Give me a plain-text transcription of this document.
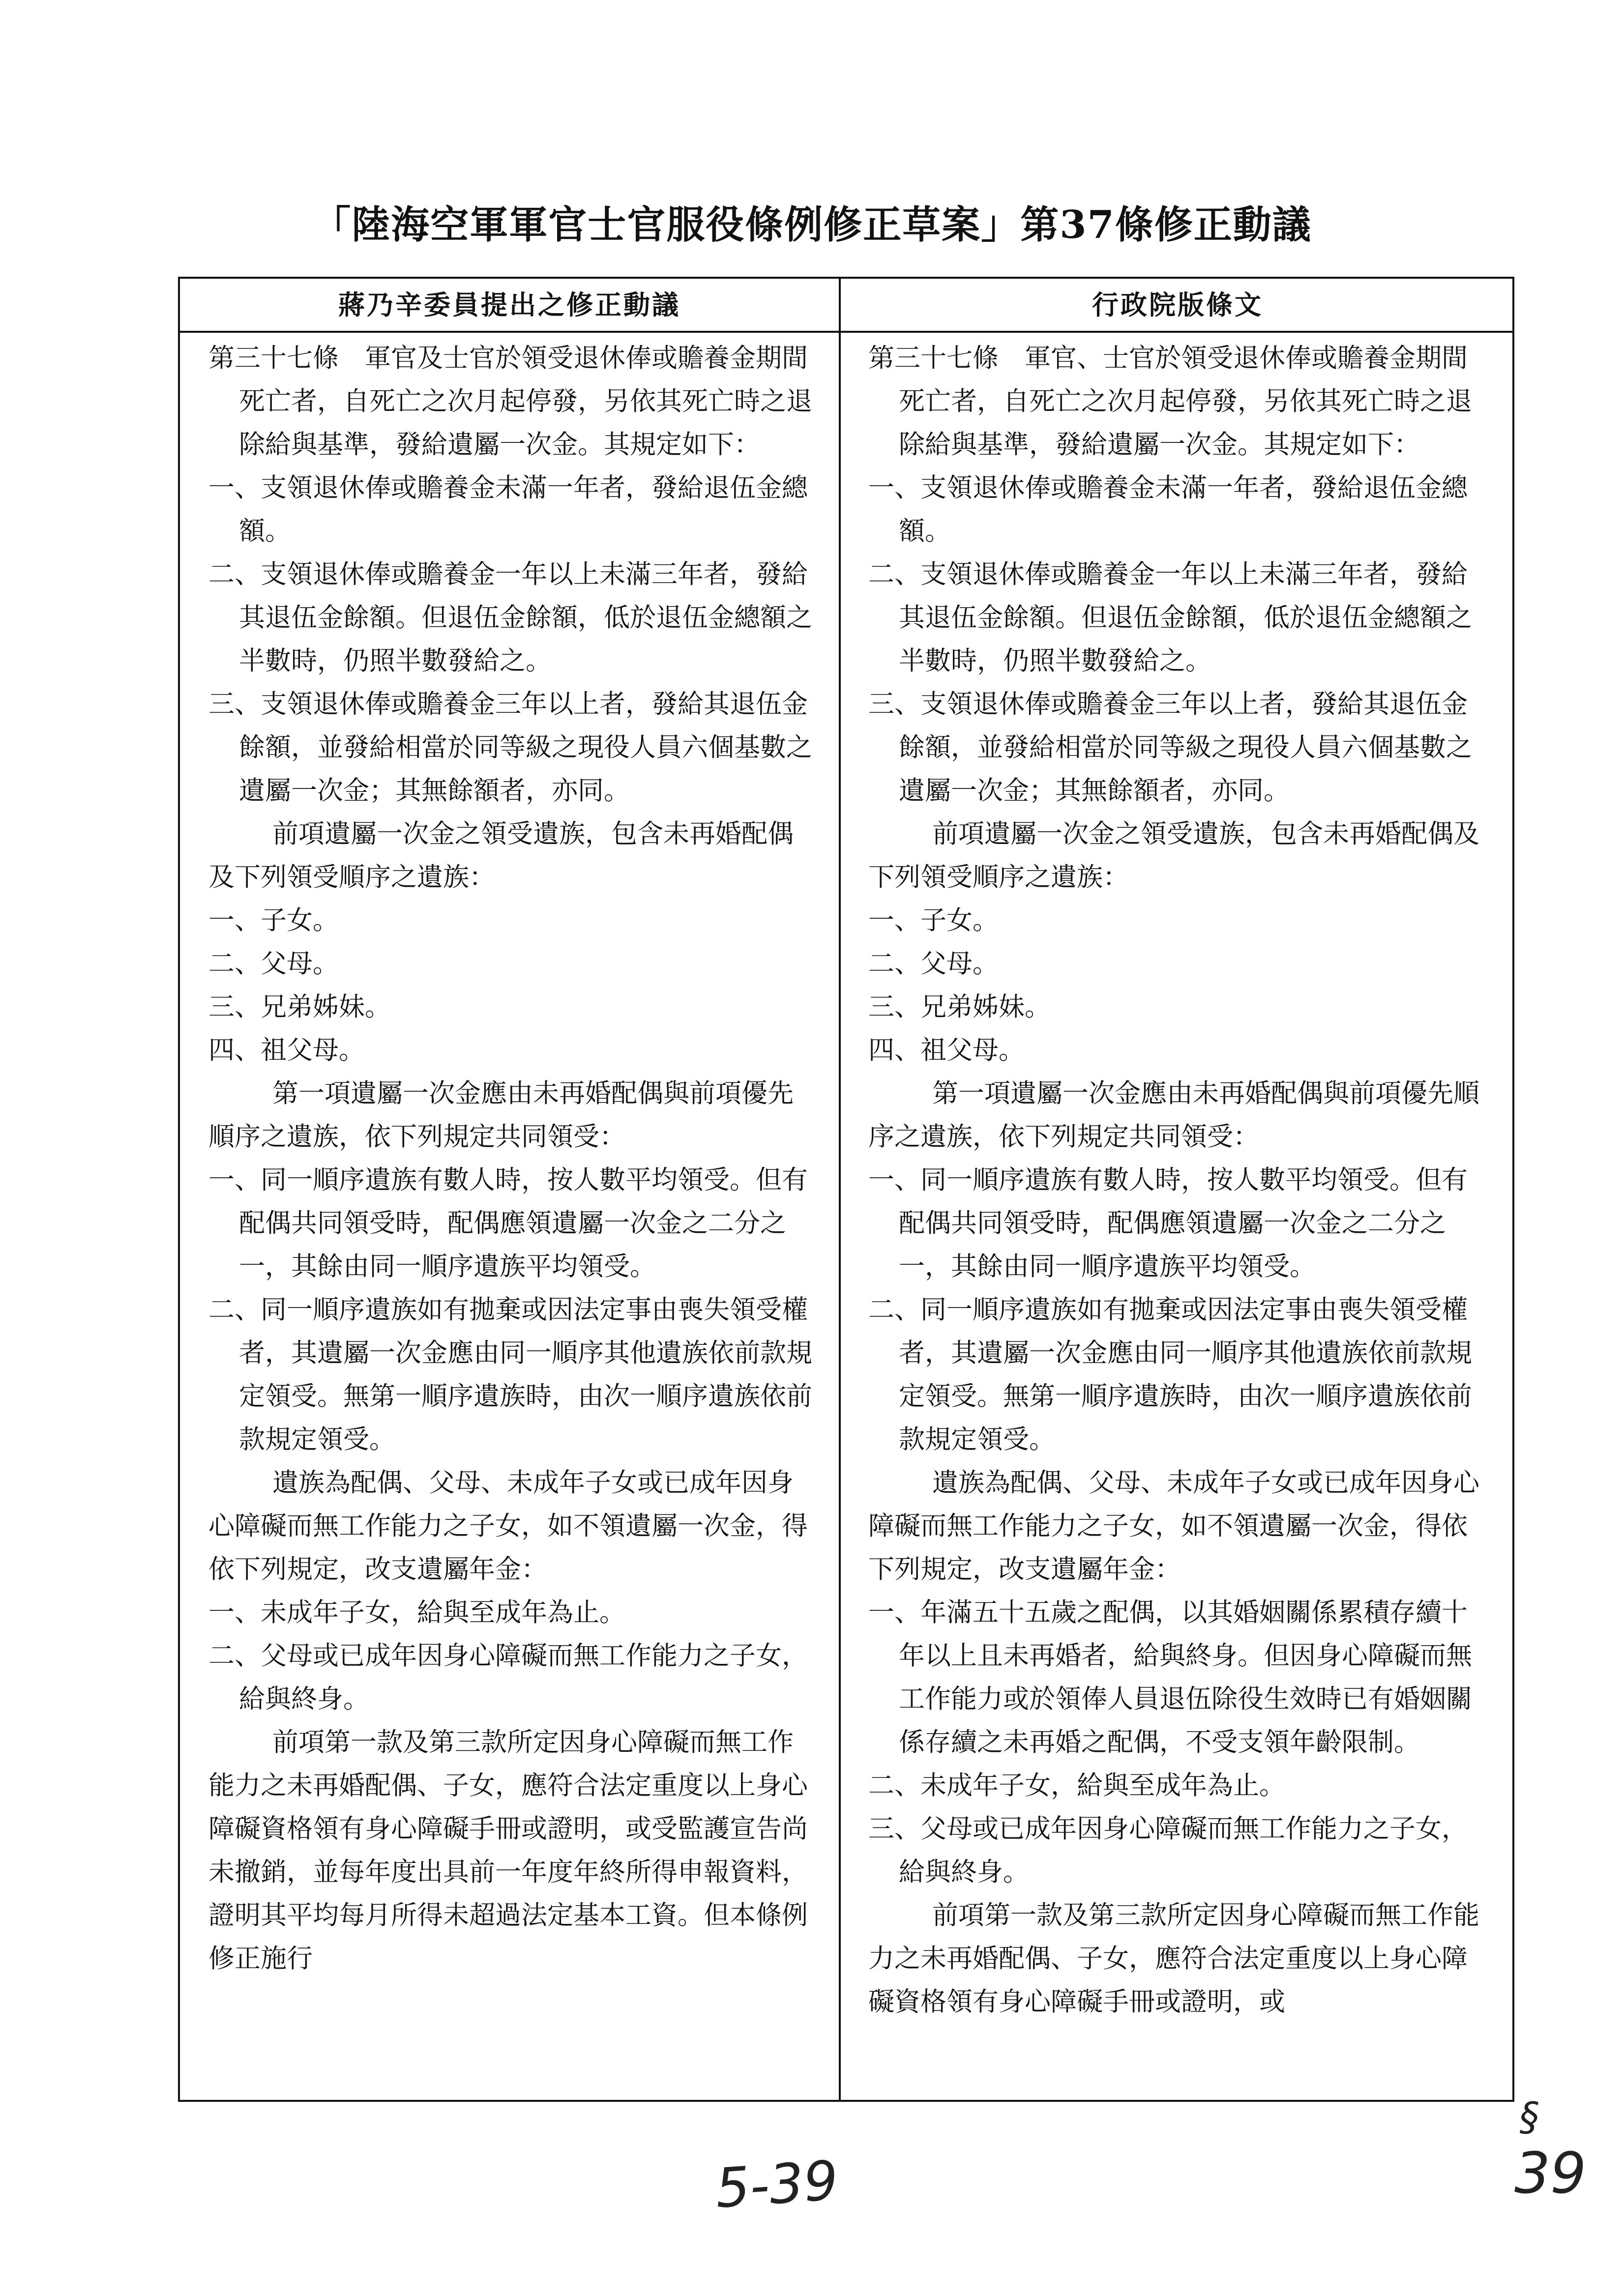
「陸海空軍軍官士官服役條例修正草案」第37條修正動議
蔣乃辛委員提出之修正動議	行政院版條文

第三十七條　軍官及士官於領受退休俸或贍養金期間死亡者，自死亡之次月起停發，另依其死亡時之退除給與基準，發給遺屬一次金。其規定如下：

一、支領退休俸或贍養金未滿一年者，發給退伍金總額。

二、支領退休俸或贍養金一年以上未滿三年者，發給其退伍金餘額。但退伍金餘額，低於退伍金總額之半數時，仍照半數發給之。

三、支領退休俸或贍養金三年以上者，發給其退伍金餘額，並發給相當於同等級之現役人員六個基數之遺屬一次金；其無餘額者，亦同。

前項遺屬一次金之領受遺族，包含未再婚配偶及下列領受順序之遺族：

一、子女。

二、父母。

三、兄弟姊妹。

四、祖父母。

第一項遺屬一次金應由未再婚配偶與前項優先順序之遺族，依下列規定共同領受：

一、同一順序遺族有數人時，按人數平均領受。但有配偶共同領受時，配偶應領遺屬一次金之二分之一，其餘由同一順序遺族平均領受。

二、同一順序遺族如有拋棄或因法定事由喪失領受權者，其遺屬一次金應由同一順序其他遺族依前款規定領受。無第一順序遺族時，由次一順序遺族依前款規定領受。

遺族為配偶、父母、未成年子女或已成年因身心障礙而無工作能力之子女，如不領遺屬一次金，得依下列規定，改支遺屬年金：

一、未成年子女，給與至成年為止。

二、父母或已成年因身心障礙而無工作能力之子女，給與終身。

前項第一款及第三款所定因身心障礙而無工作能力之未再婚配偶、子女，應符合法定重度以上身心障礙資格領有身心障礙手冊或證明，或受監護宣告尚未撤銷，並每年度出具前一年度年終所得申報資料，證明其平均每月所得未超過法定基本工資。但本條例修正施行

第三十七條　軍官、士官於領受退休俸或贍養金期間死亡者，自死亡之次月起停發，另依其死亡時之退除給與基準，發給遺屬一次金。其規定如下：

一、支領退休俸或贍養金未滿一年者，發給退伍金總額。

二、支領退休俸或贍養金一年以上未滿三年者，發給其退伍金餘額。但退伍金餘額，低於退伍金總額之半數時，仍照半數發給之。

三、支領退休俸或贍養金三年以上者，發給其退伍金餘額，並發給相當於同等級之現役人員六個基數之遺屬一次金；其無餘額者，亦同。

前項遺屬一次金之領受遺族，包含未再婚配偶及下列領受順序之遺族：

一、子女。

二、父母。

三、兄弟姊妹。

四、祖父母。

第一項遺屬一次金應由未再婚配偶與前項優先順序之遺族，依下列規定共同領受：

一、同一順序遺族有數人時，按人數平均領受。但有配偶共同領受時，配偶應領遺屬一次金之二分之一，其餘由同一順序遺族平均領受。

二、同一順序遺族如有拋棄或因法定事由喪失領受權者，其遺屬一次金應由同一順序其他遺族依前款規定領受。無第一順序遺族時，由次一順序遺族依前款規定領受。

遺族為配偶、父母、未成年子女或已成年因身心障礙而無工作能力之子女，如不領遺屬一次金，得依下列規定，改支遺屬年金：

一、年滿五十五歲之配偶，以其婚姻關係累積存續十年以上且未再婚者，給與終身。但因身心障礙而無工作能力或於領俸人員退伍除役生效時已有婚姻關係存續之未再婚之配偶，不受支領年齡限制。

二、未成年子女，給與至成年為止。

三、父母或已成年因身心障礙而無工作能力之子女，給與終身。

前項第一款及第三款所定因身心障礙而無工作能力之未再婚配偶、子女，應符合法定重度以上身心障礙資格領有身心障礙手冊或證明，或

5-39
§
39
